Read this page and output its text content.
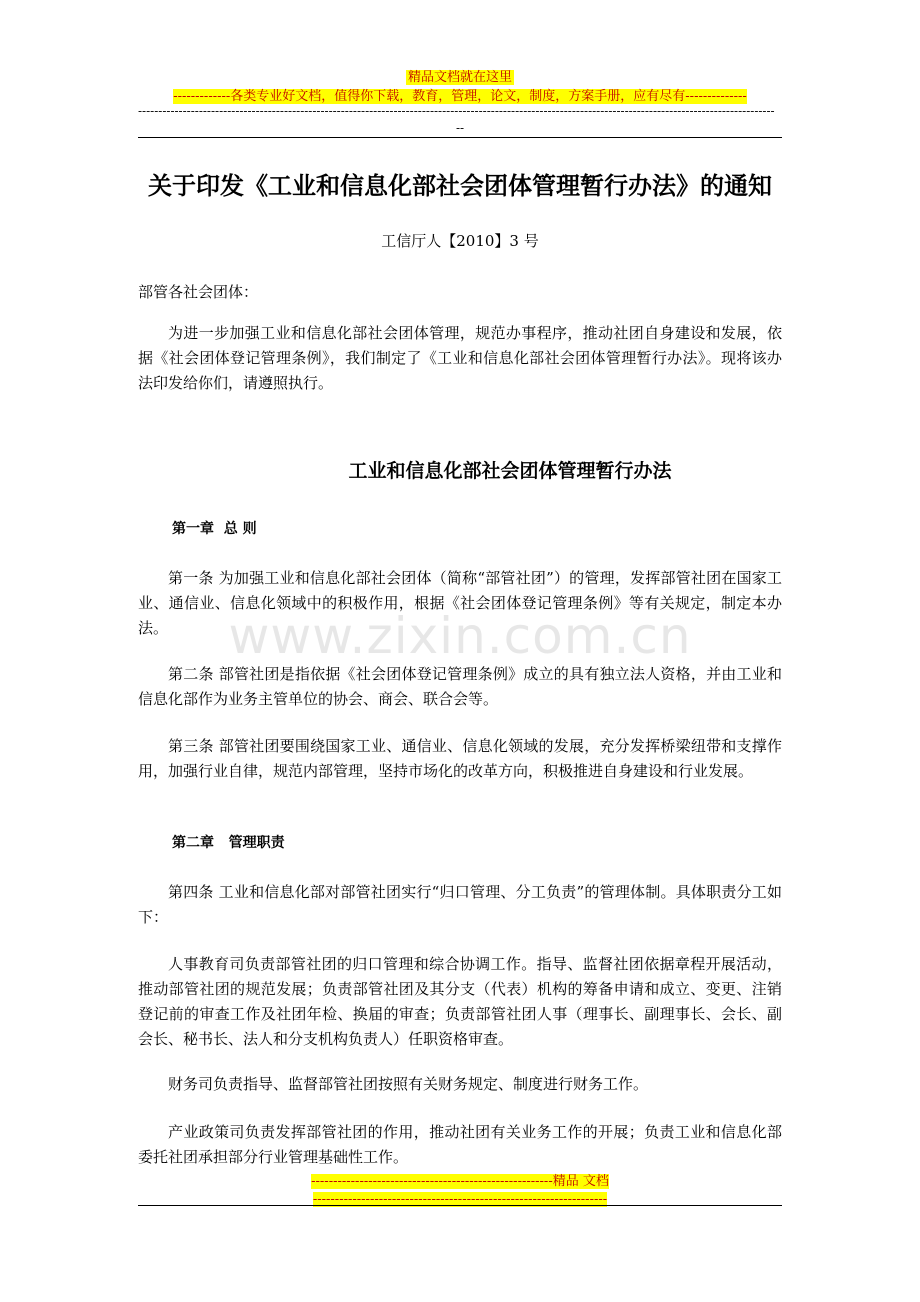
精品文档就在这里
-------------各类专业好文档，值得你下载，教育，管理，论文，制度，方案手册，应有尽有--------------
-------------------------------------------------------------------------------------------------------------------------------------------------------------
--
关于印发《工业和信息化部社会团体管理暂行办法》的通知
工信厅人【2010】3 号
部管各社会团体：
为进一步加强工业和信息化部社会团体管理，规范办事程序，推动社团自身建设和发展，依据《社会团体登记管理条例》，我们制定了《工业和信息化部社会团体管理暂行办法》。现将该办法印发给你们，请遵照执行。
工业和信息化部社会团体管理暂行办法
第一章  总 则
第一条 为加强工业和信息化部社会团体（简称“部管社团”）的管理，发挥部管社团在国家工业、通信业、信息化领域中的积极作用，根据《社会团体登记管理条例》等有关规定，制定本办法。
第二条 部管社团是指依据《社会团体登记管理条例》成立的具有独立法人资格，并由工业和信息化部作为业务主管单位的协会、商会、联合会等。
第三条 部管社团要围绕国家工业、通信业、信息化领域的发展，充分发挥桥梁纽带和支撑作用，加强行业自律，规范内部管理，坚持市场化的改革方向，积极推进自身建设和行业发展。
第二章   管理职责
第四条 工业和信息化部对部管社团实行“归口管理、分工负责”的管理体制。具体职责分工如下：
人事教育司负责部管社团的归口管理和综合协调工作。指导、监督社团依据章程开展活动，推动部管社团的规范发展；负责部管社团及其分支（代表）机构的筹备申请和成立、变更、注销登记前的审查工作及社团年检、换届的审查；负责部管社团人事（理事长、副理事长、会长、副会长、秘书长、法人和分支机构负责人）任职资格审查。
财务司负责指导、监督部管社团按照有关财务规定、制度进行财务工作。
产业政策司负责发挥部管社团的作用，推动社团有关业务工作的开展；负责工业和信息化部委托社团承担部分行业管理基础性工作。
www.zixin.com.cn
-------------------------------------------------------精品 文档
-------------------------------------------------------------------
